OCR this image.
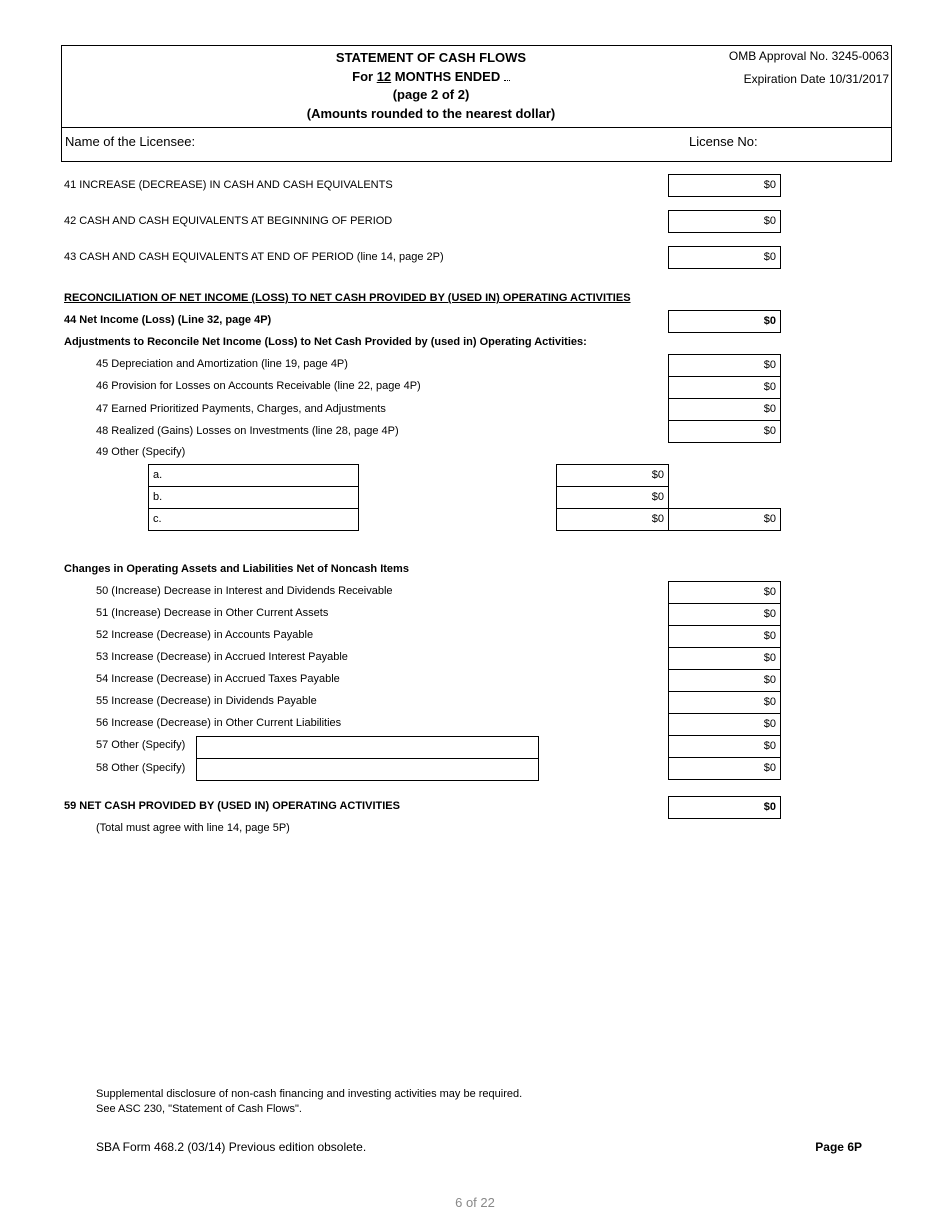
STATEMENT OF CASH FLOWS
For 12 MONTHS ENDED
(page 2 of 2)
(Amounts rounded to the nearest dollar)
OMB Approval No. 3245-0063
Expiration Date 10/31/2017
Name of the Licensee:	License No:
41 INCREASE (DECREASE) IN CASH AND CASH EQUIVALENTS	$0
42 CASH AND CASH EQUIVALENTS AT BEGINNING OF PERIOD	$0
43 CASH AND CASH EQUIVALENTS AT END OF PERIOD (line 14, page 2P)	$0
RECONCILIATION OF NET INCOME (LOSS) TO NET CASH PROVIDED BY (USED IN) OPERATING ACTIVITIES
44 Net Income (Loss) (Line 32, page 4P)	$0
Adjustments to Reconcile Net Income (Loss) to Net Cash Provided by (used in) Operating Activities:
45 Depreciation and Amortization (line 19, page 4P)	$0
46 Provision for Losses on Accounts Receivable (line 22, page 4P)	$0
47 Earned Prioritized Payments, Charges, and Adjustments	$0
48 Realized (Gains) Losses on Investments (line 28, page 4P)	$0
49 Other (Specify)
a.	$0
b.	$0
c.	$0	$0
Changes in Operating Assets and Liabilities Net of Noncash Items
50 (Increase) Decrease in Interest and Dividends Receivable	$0
51 (Increase) Decrease in Other Current Assets	$0
52 Increase (Decrease) in Accounts Payable	$0
53 Increase (Decrease) in Accrued Interest Payable	$0
54 Increase (Decrease) in Accrued Taxes Payable	$0
55 Increase (Decrease) in Dividends Payable	$0
56 Increase (Decrease) in Other Current Liabilities	$0
57 Other (Specify)	$0
58 Other (Specify)	$0
59 NET CASH PROVIDED BY (USED IN) OPERATING ACTIVITIES	$0
(Total must agree with line 14, page 5P)
Supplemental disclosure of non-cash financing and investing activities may be required.
See ASC 230, "Statement of Cash Flows".
SBA Form 468.2 (03/14) Previous edition obsolete.	Page 6P
6 of 22
